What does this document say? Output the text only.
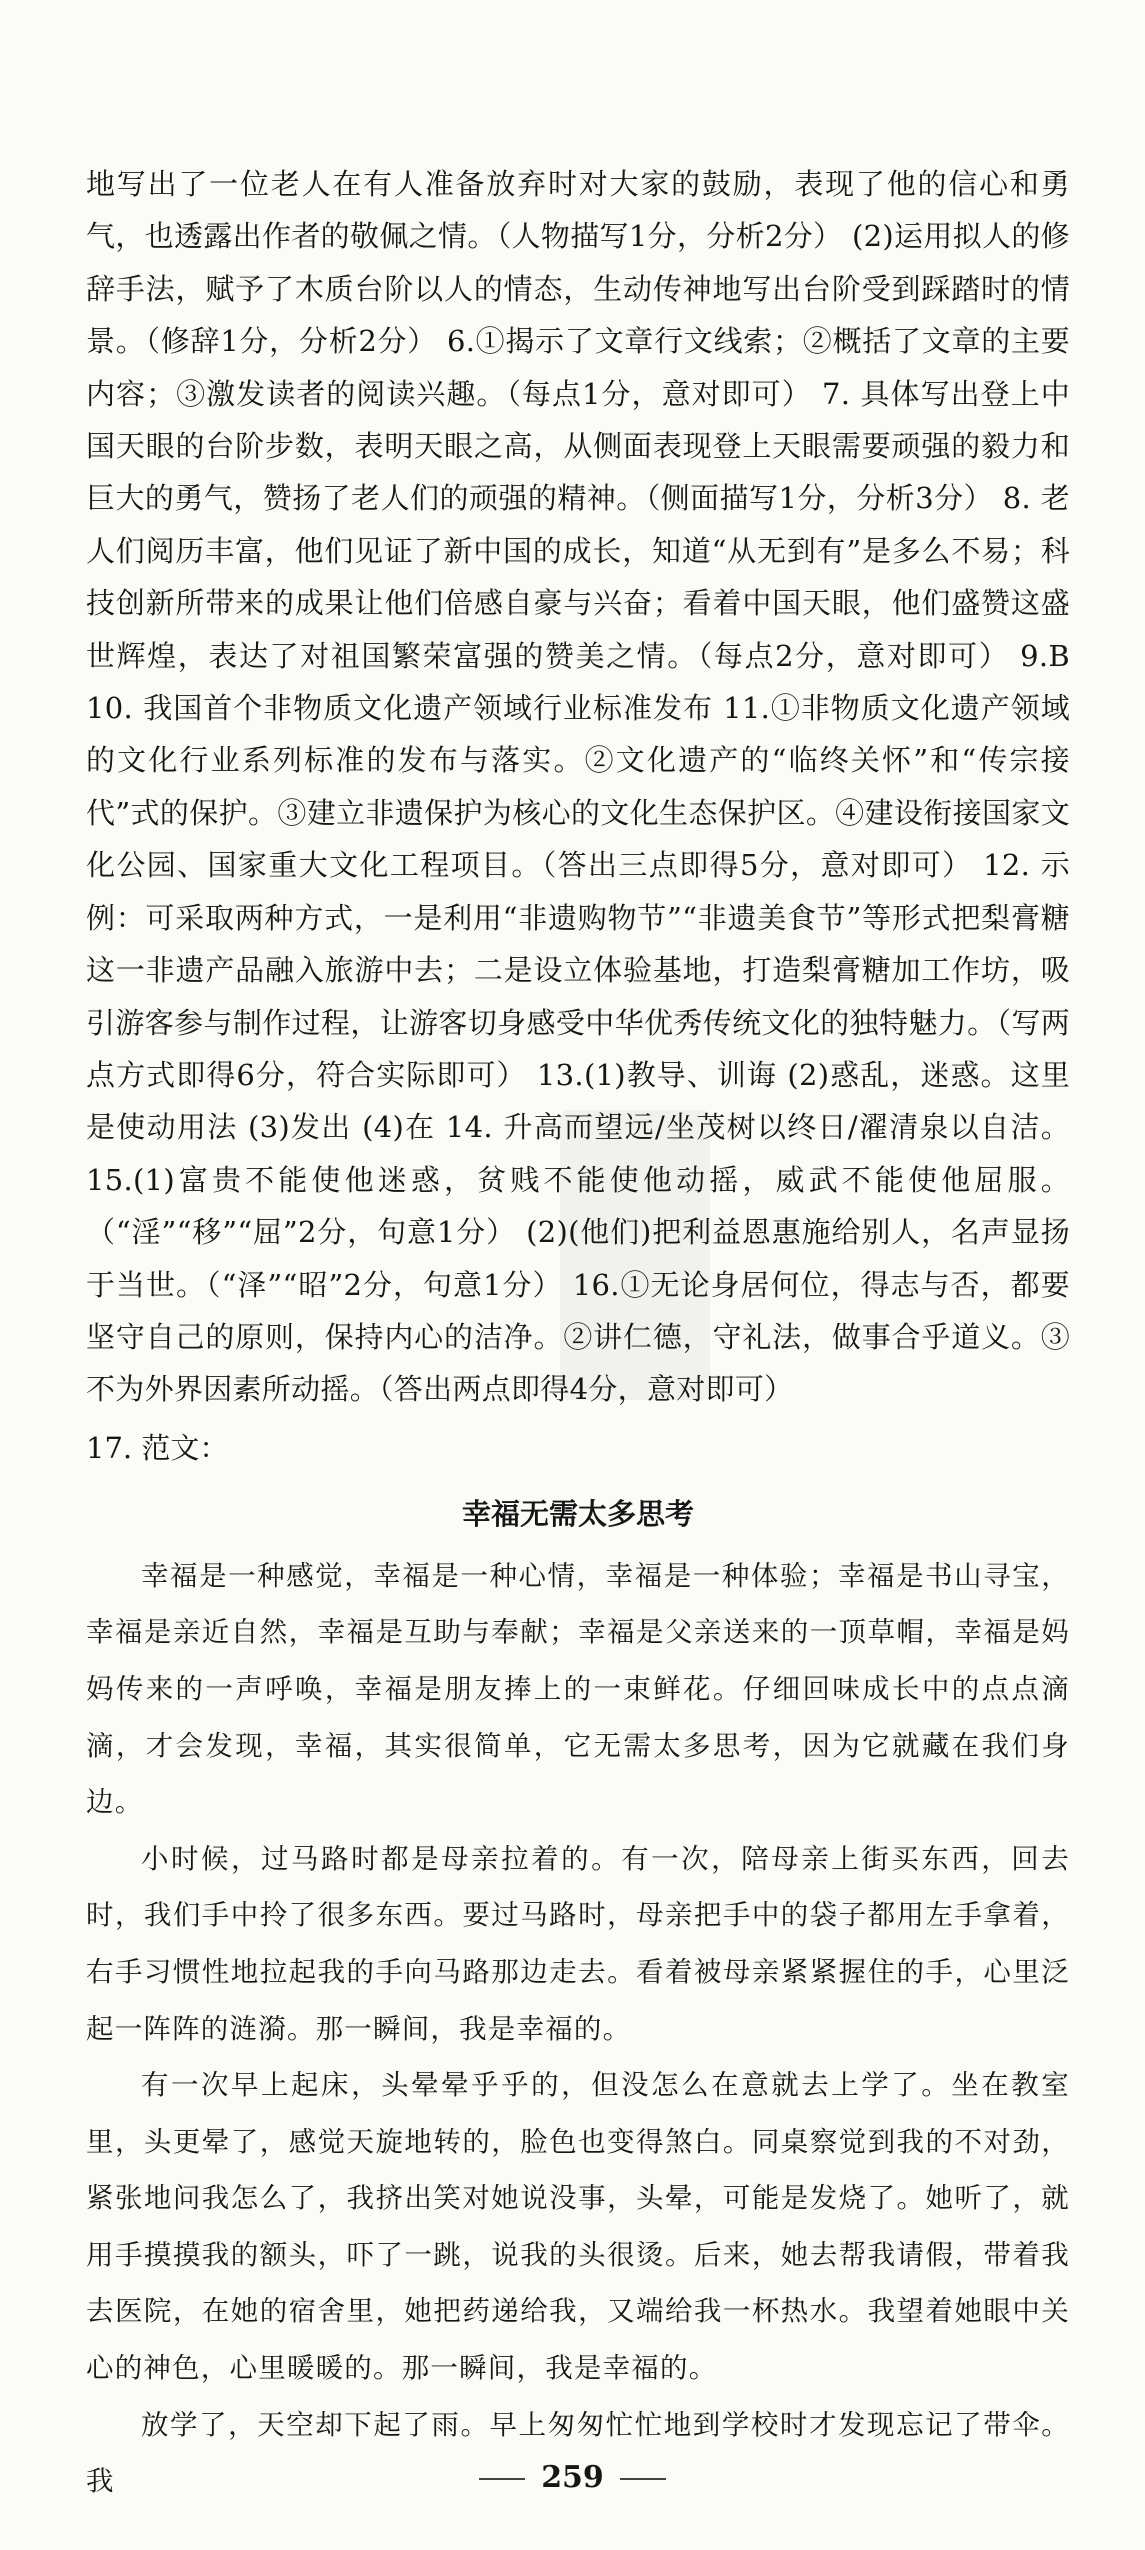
地写出了一位老人在有人准备放弃时对大家的鼓励，表现了他的信心和勇气，也透露出作者的敬佩之情。（人物描写1分，分析2分） (2)运用拟人的修辞手法，赋予了木质台阶以人的情态，生动传神地写出台阶受到踩踏时的情景。（修辞1分，分析2分） 6.①揭示了文章行文线索；②概括了文章的主要内容；③激发读者的阅读兴趣。（每点1分，意对即可） 7. 具体写出登上中国天眼的台阶步数，表明天眼之高，从侧面表现登上天眼需要顽强的毅力和巨大的勇气，赞扬了老人们的顽强的精神。（侧面描写1分，分析3分） 8. 老人们阅历丰富，他们见证了新中国的成长，知道“从无到有”是多么不易；科技创新所带来的成果让他们倍感自豪与兴奋；看着中国天眼，他们盛赞这盛世辉煌，表达了对祖国繁荣富强的赞美之情。（每点2分，意对即可） 9.B 10. 我国首个非物质文化遗产领域行业标准发布 11.①非物质文化遗产领域的文化行业系列标准的发布与落实。②文化遗产的“临终关怀”和“传宗接代”式的保护。③建立非遗保护为核心的文化生态保护区。④建设衔接国家文化公园、国家重大文化工程项目。（答出三点即得5分，意对即可） 12. 示例：可采取两种方式，一是利用“非遗购物节”“非遗美食节”等形式把梨膏糖这一非遗产品融入旅游中去；二是设立体验基地，打造梨膏糖加工作坊，吸引游客参与制作过程，让游客切身感受中华优秀传统文化的独特魅力。（写两点方式即得6分，符合实际即可） 13.(1)教导、训诲 (2)惑乱，迷惑。这里是使动用法 (3)发出 (4)在 14. 升高而望远/坐茂树以终日/濯清泉以自洁。 15.(1)富贵不能使他迷惑，贫贱不能使他动摇，威武不能使他屈服。（“淫”“移”“屈”2分，句意1分） (2)(他们)把利益恩惠施给别人，名声显扬于当世。（“泽”“昭”2分，句意1分） 16.①无论身居何位，得志与否，都要坚守自己的原则，保持内心的洁净。②讲仁德，守礼法，做事合乎道义。③不为外界因素所动摇。（答出两点即得4分，意对即可）

17. 范文：
幸福无需太多思考

幸福是一种感觉，幸福是一种心情，幸福是一种体验；幸福是书山寻宝，幸福是亲近自然，幸福是互助与奉献；幸福是父亲送来的一顶草帽，幸福是妈妈传来的一声呼唤，幸福是朋友捧上的一束鲜花。仔细回味成长中的点点滴滴，才会发现，幸福，其实很简单，它无需太多思考，因为它就藏在我们身边。

小时候，过马路时都是母亲拉着的。有一次，陪母亲上街买东西，回去时，我们手中拎了很多东西。要过马路时，母亲把手中的袋子都用左手拿着，右手习惯性地拉起我的手向马路那边走去。看着被母亲紧紧握住的手，心里泛起一阵阵的涟漪。那一瞬间，我是幸福的。

有一次早上起床，头晕晕乎乎的，但没怎么在意就去上学了。坐在教室里，头更晕了，感觉天旋地转的，脸色也变得煞白。同桌察觉到我的不对劲，紧张地问我怎么了，我挤出笑对她说没事，头晕，可能是发烧了。她听了，就用手摸摸我的额头，吓了一跳，说我的头很烫。后来，她去帮我请假，带着我去医院，在她的宿舍里，她把药递给我，又端给我一杯热水。我望着她眼中关心的神色，心里暖暖的。那一瞬间，我是幸福的。

放学了，天空却下起了雨。早上匆匆忙忙地到学校时才发现忘记了带伞。我	259
